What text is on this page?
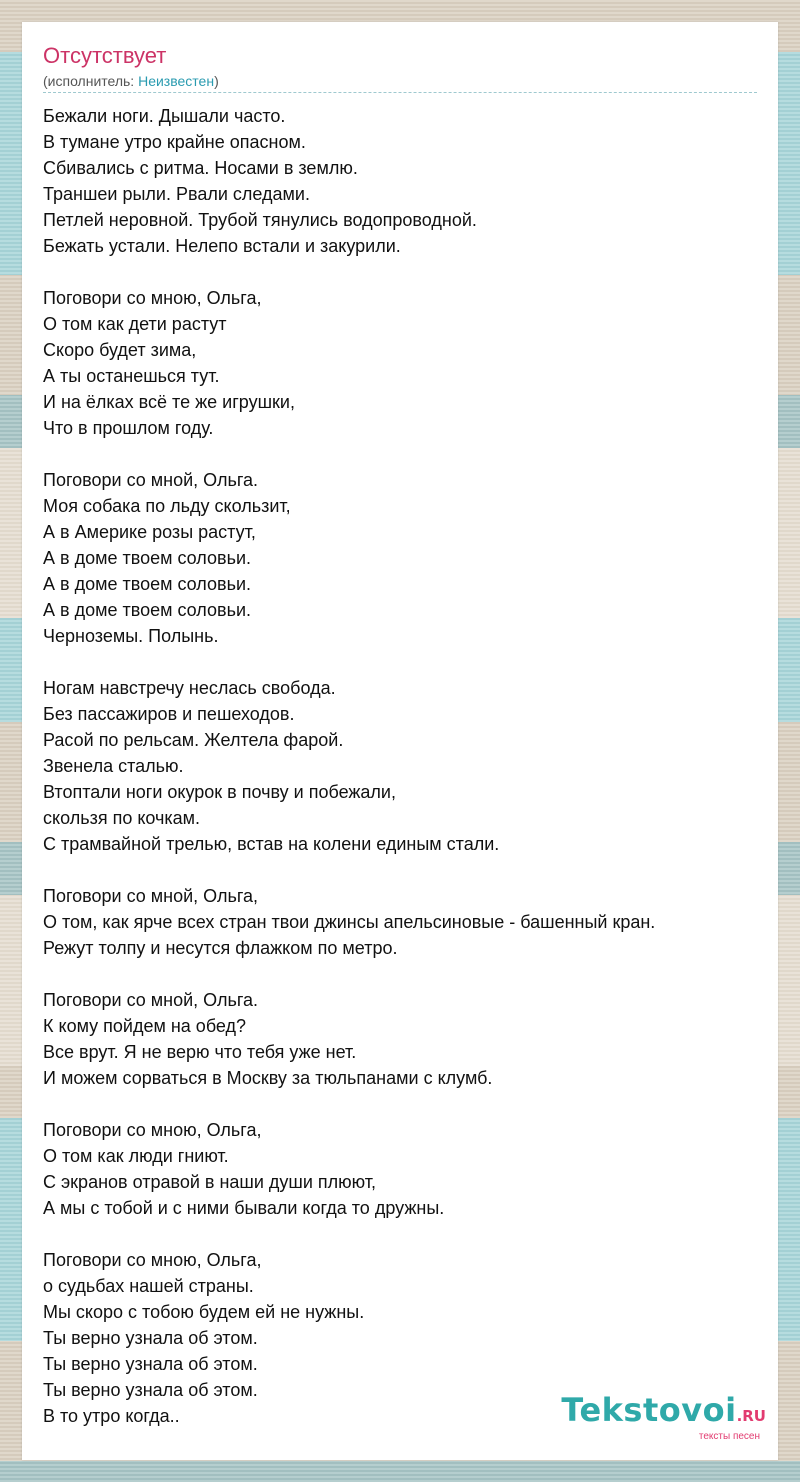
Отсутствует
(исполнитель: Неизвестен)
Бежали ноги. Дышали часто.
В тумане утро крайне опасном.
Сбивались с ритма. Носами в землю.
Траншеи рыли. Рвали следами.
Петлей неровной. Трубой тянулись водопроводной.
Бежать устали. Нелепо встали и закурили.
Поговори со мною, Ольга,
О том как дети растут
Скоро будет зима,
А ты останешься тут.
И на ёлках всё те же игрушки,
Что в прошлом году.
Поговори со мной, Ольга.
Моя собака по льду скользит,
А в Америке розы растут,
А в доме твоем соловьи.
А в доме твоем соловьи.
А в доме твоем соловьи.
Черноземы. Полынь.
Ногам навстречу неслась свобода.
Без пассажиров и пешеходов.
Расой по рельсам. Желтела фарой.
Звенела сталью.
Втоптали ноги окурок в почву и побежали,
скользя по кочкам.
С трамвайной трелью, встав на колени единым стали.
Поговори со мной, Ольга,
О том, как ярче всех стран твои джинсы апельсиновые - башенный кран.
Режут толпу и несутся флажком по метро.
Поговори со мной, Ольга.
К кому пойдем на обед?
Все врут. Я не верю что тебя уже нет.
И можем сорваться в Москву за тюльпанами с клумб.
Поговори со мною, Ольга,
О том как люди гниют.
С экранов отравой в наши души плюют,
А мы с тобой и с ними бывали когда то дружны.
Поговори со мною, Ольга,
о судьбах нашей страны.
Мы скоро с тобою будем ей не нужны.
Ты верно узнала об этом.
Ты верно узнала об этом.
Ты верно узнала об этом.
В то утро когда..	Tekstovoi.RU
тексты песен
